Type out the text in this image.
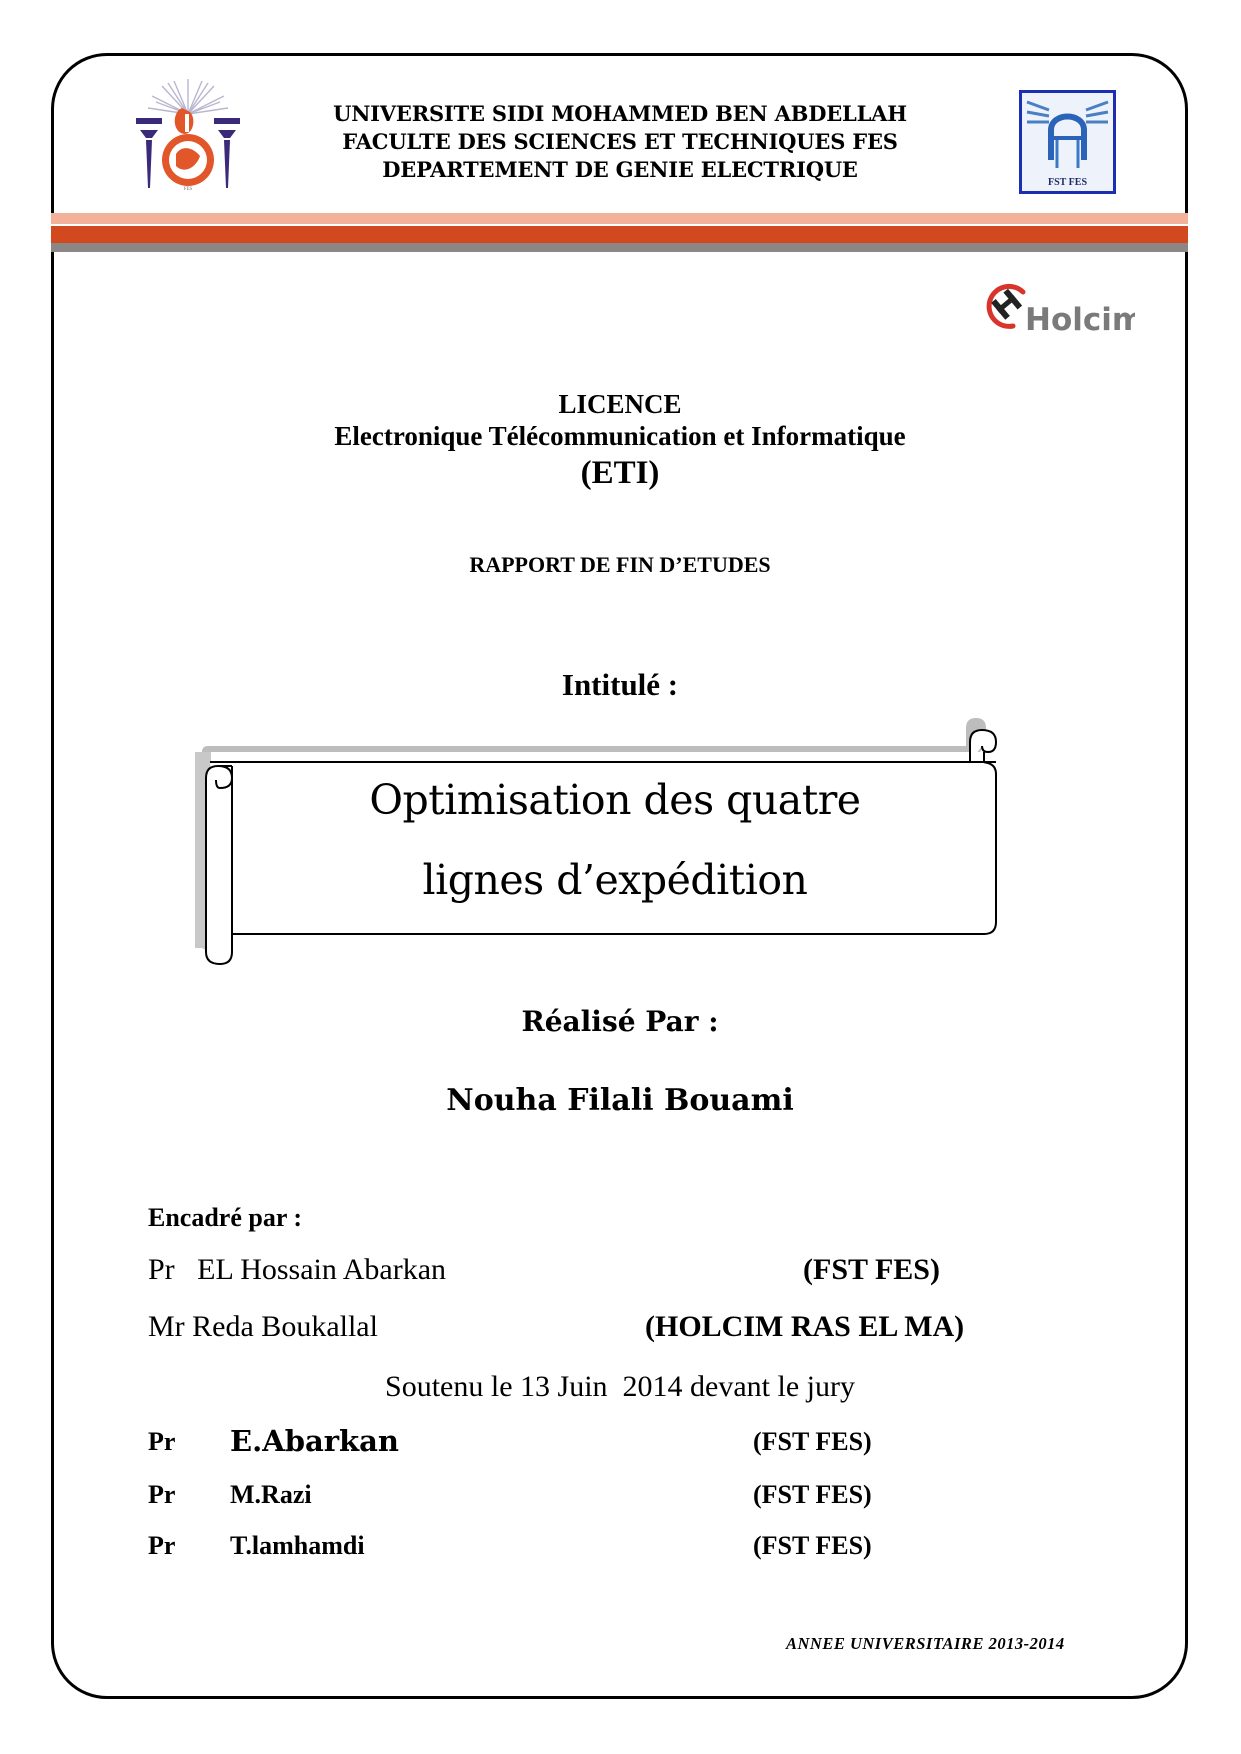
FES
UNIVERSITE SIDI MOHAMMED BEN ABDELLAH
FACULTE DES SCIENCES ET TECHNIQUES FES
DEPARTEMENT DE GENIE ELECTRIQUE
FST FES
Holcim
LICENCE
Electronique Télécommunication et Informatique
(ETI)
RAPPORT DE FIN D’ETUDES
Intitulé :
Optimisation des quatre
lignes d’expédition
Réalisé Par :
Nouha Filali Bouami
Encadré par :
Pr   EL Hossain Abarkan	(FST FES)
Mr Reda Boukallal	(HOLCIM RAS EL MA)
Soutenu le 13 Juin  2014 devant le jury
Pr E.Abarkan	(FST FES)
Pr M.Razi	(FST FES)
Pr T.lamhamdi	(FST FES)
ANNEE UNIVERSITAIRE 2013-2014
